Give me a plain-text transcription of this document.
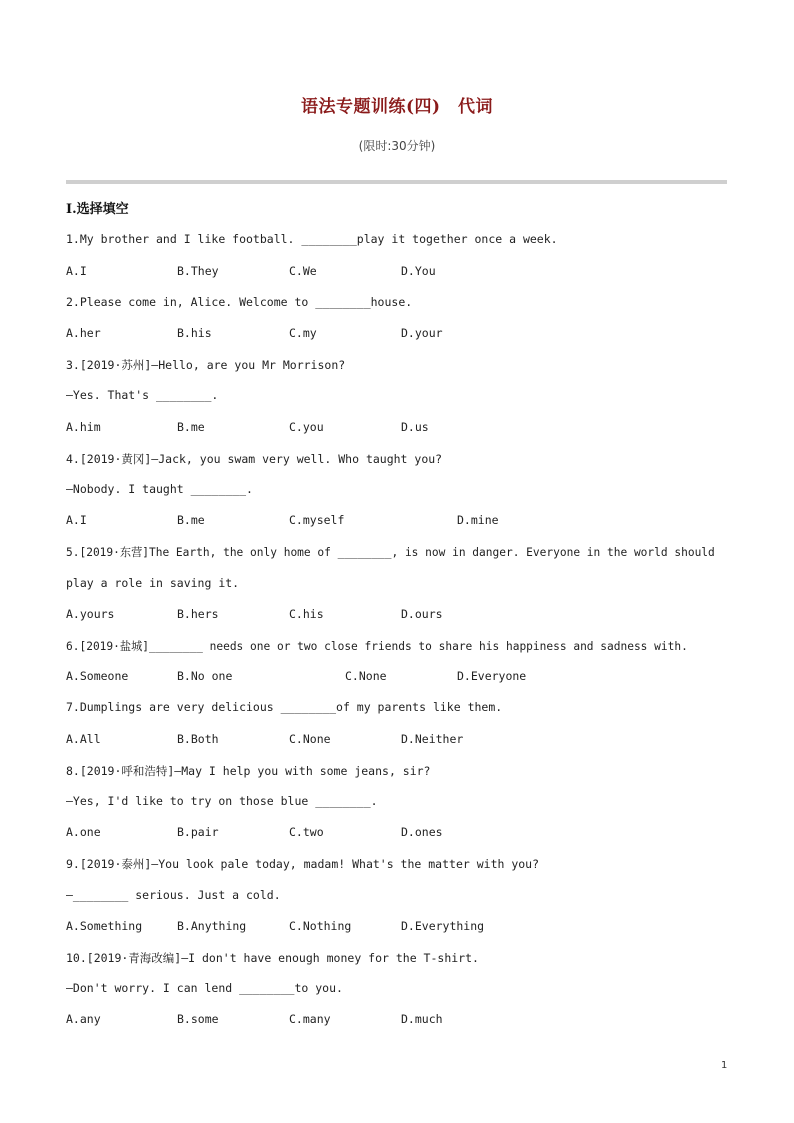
语法专题训练(四)　代词
(限时:30分钟)
Ⅰ.选择填空
1.My brother and I like football. ________play it together once a week.
A.I	B.They	C.We	D.You
2.Please come in, Alice. Welcome to ________house.
A.her	B.his	C.my	D.your
3.[2019·苏州]—Hello, are you Mr Morrison?
—Yes. That's ________.
A.him	B.me	C.you	D.us
4.[2019·黄冈]—Jack, you swam very well. Who taught you?
—Nobody. I taught ________.
A.I	B.me	C.myself	D.mine
5.[2019·东营]The Earth, the only home of ________, is now in danger. Everyone in the world should
play a role in saving it.
A.yours	B.hers	C.his	D.ours
6.[2019·盐城]________ needs one or two close friends to share his happiness and sadness with.
A.Someone	B.No one	C.None	D.Everyone
7.Dumplings are very delicious ________of my parents like them.
A.All	B.Both	C.None	D.Neither
8.[2019·呼和浩特]—May I help you with some jeans, sir?
—Yes, I'd like to try on those blue ________.
A.one	B.pair	C.two	D.ones
9.[2019·泰州]—You look pale today, madam! What's the matter with you?
—________ serious. Just a cold.
A.Something	B.Anything	C.Nothing	D.Everything
10.[2019·青海改编]—I don't have enough money for the T-shirt.
—Don't worry. I can lend ________to you.
A.any	B.some	C.many	D.much
1
